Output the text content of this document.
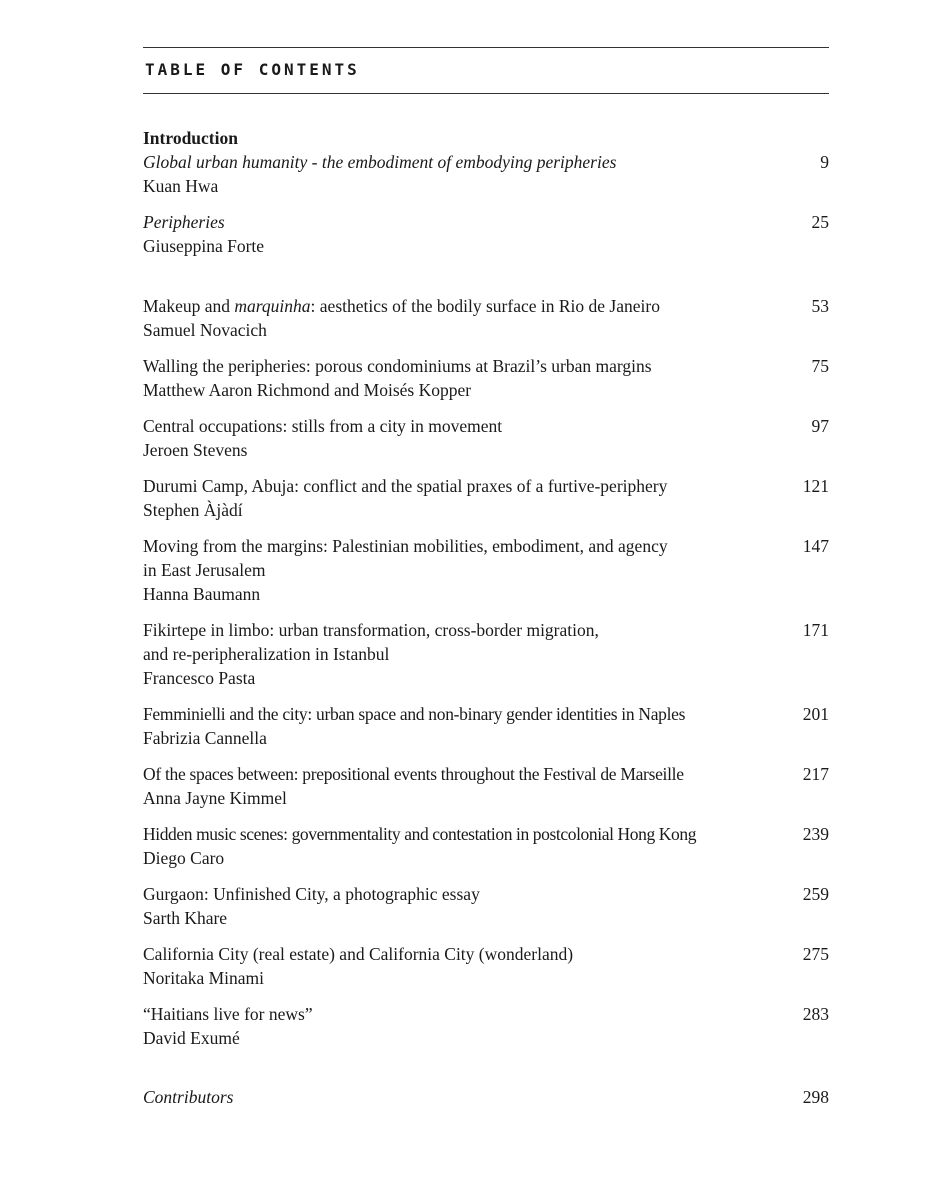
TABLE OF CONTENTS
Introduction
Global urban humanity - the embodiment of embodying peripheries	9
Kuan Hwa
Peripheries	25
Giuseppina Forte
Makeup and marquinha: aesthetics of the bodily surface in Rio de Janeiro	53
Samuel Novacich
Walling the peripheries: porous condominiums at Brazil’s urban margins	75
Matthew Aaron Richmond and Moisés Kopper
Central occupations: stills from a city in movement	97
Jeroen Stevens
Durumi Camp, Abuja: conflict and the spatial praxes of a furtive-periphery	121
Stephen Àjàdí
Moving from the margins: Palestinian mobilities, embodiment, and agency	147
in East Jerusalem
Hanna Baumann
Fikirtepe in limbo: urban transformation, cross-border migration,	171
and re-peripheralization in Istanbul
Francesco Pasta
Femminielli and the city: urban space and non-binary gender identities in Naples	201
Fabrizia Cannella
Of the spaces between: prepositional events throughout the Festival de Marseille	217
Anna Jayne Kimmel
Hidden music scenes: governmentality and contestation in postcolonial Hong Kong	239
Diego Caro
Gurgaon: Unfinished City, a photographic essay	259
Sarth Khare
California City (real estate) and California City (wonderland)	275
Noritaka Minami
“Haitians live for news”	283
David Exumé
Contributors	298
